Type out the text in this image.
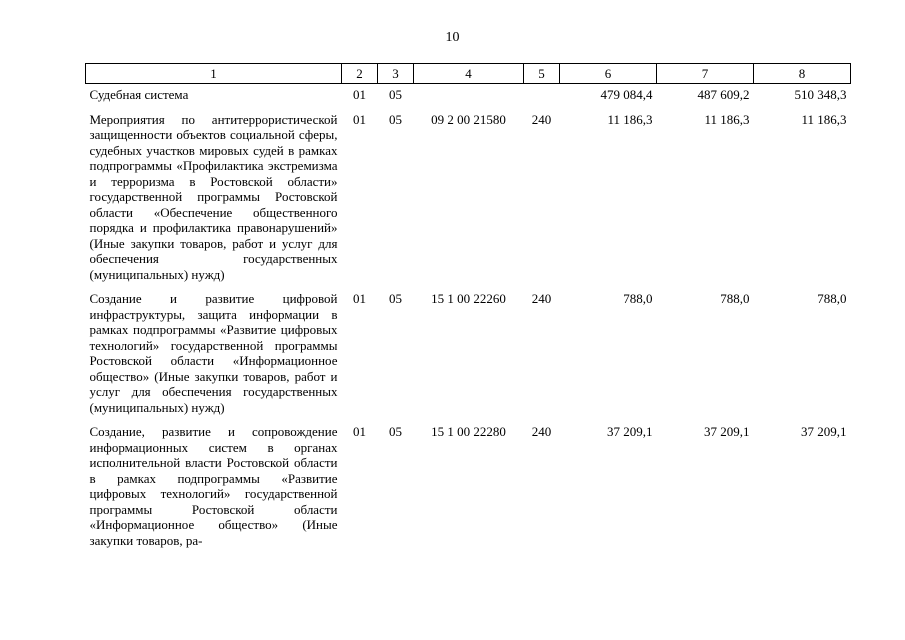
10
1	2	3	4	5	6	7	8
Судебная система	01	05			479 084,4	487 609,2	510 348,3
Мероприятия по антитеррористической защищенности объектов социальной сферы, судебных участков мировых судей в рамках подпрограммы «Профилактика экстремизма и терроризма в Ростовской области» государственной программы Ростовской области «Обеспечение общественного порядка и профилактика правонарушений» (Иные закупки товаров, работ и услуг для обеспечения государственных (муниципальных) нужд)	01	05	09 2 00 21580	240	11 186,3	11 186,3	11 186,3
Создание и развитие цифровой инфраструктуры, защита информации в рамках подпрограммы «Развитие цифровых технологий» государственной программы Ростовской области «Информационное общество» (Иные закупки товаров, работ и услуг для обеспечения государственных (муниципальных) нужд)	01	05	15 1 00 22260	240	788,0	788,0	788,0
Создание, развитие и сопровождение информационных систем в органах исполнительной власти Ростовской области в рамках подпрограммы «Развитие цифровых технологий» государственной программы Ростовской области «Информационное общество» (Иные закупки товаров, ра-	01	05	15 1 00 22280	240	37 209,1	37 209,1	37 209,1
